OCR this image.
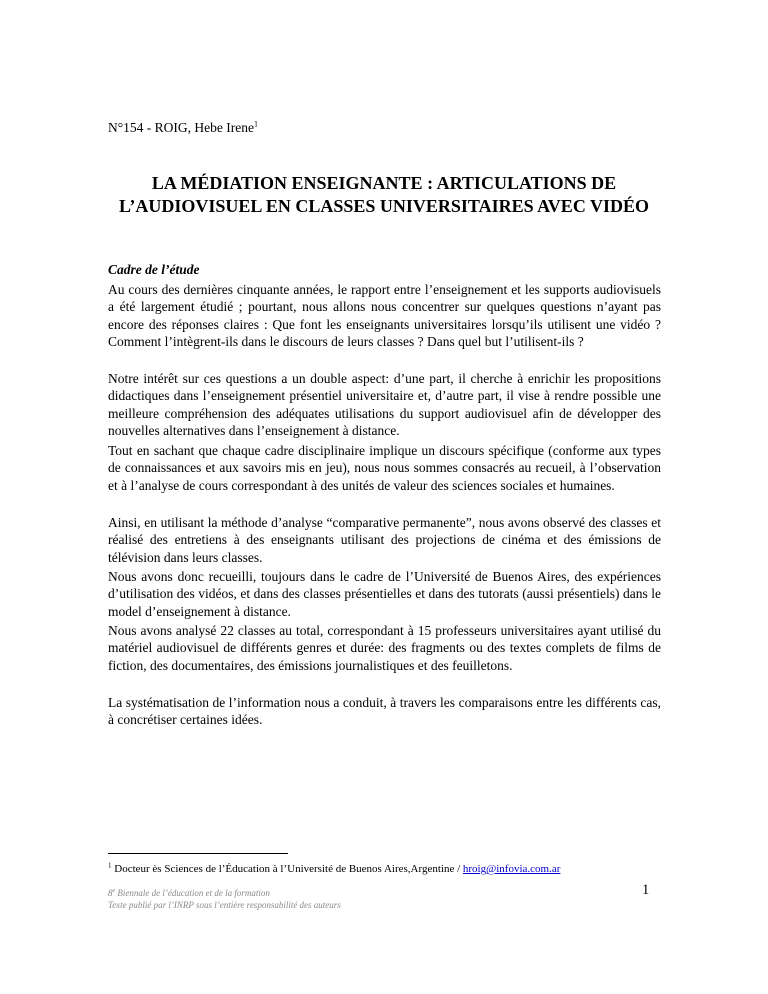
N°154 - ROIG, Hebe Irene$^1$
LA MÉDIATION ENSEIGNANTE : ARTICULATIONS DE
L’AUDIOVISUEL EN CLASSES UNIVERSITAIRES AVEC VIDÉO
Cadre de l’étude

Au cours des dernières cinquante années, le rapport entre l’enseignement et les supports audiovisuels a été largement étudié ; pourtant, nous allons nous concentrer sur quelques questions n’ayant pas encore des réponses claires : Que font les enseignants universitaires lorsqu’ils utilisent une vidéo ? Comment l’intègrent-ils dans le discours de leurs classes ? Dans quel but l’utilisent-ils ?

Notre intérêt sur ces questions a un double aspect: d’une part, il cherche à enrichir les propositions didactiques dans l’enseignement présentiel universitaire et, d’autre part, il vise à rendre possible une meilleure compréhension des adéquates utilisations du support audiovisuel afin de développer des nouvelles alternatives dans l’enseignement à distance.

Tout en sachant que chaque cadre disciplinaire implique un discours spécifique (conforme aux types de connaissances et aux savoirs mis en jeu), nous nous sommes consacrés au recueil, à l’observation et à l’analyse de cours correspondant à des unités de valeur des sciences sociales et humaines.

Ainsi, en utilisant la méthode d’analyse “comparative permanente”, nous avons observé des classes et réalisé des entretiens à des enseignants utilisant des projections de cinéma et des émissions de télévision dans leurs classes.

Nous avons donc recueilli, toujours dans le cadre de l’Université de Buenos Aires, des expériences d’utilisation des vidéos, et dans des classes présentielles et dans des tutorats (aussi présentiels) dans le model d’enseignement à distance.

Nous avons analysé 22 classes au total, correspondant à 15 professeurs universitaires ayant utilisé du matériel audiovisuel de différents genres et durée: des fragments ou des textes complets de films de fiction, des documentaires, des émissions journalistiques et des feuilletons.

La systématisation de l’information nous a conduit, à travers les comparaisons entre les différents cas, à concrétiser certaines idées.

$^1$ Docteur ès Sciences de l’Éducation à l’Université de Buenos Aires,Argentine / hroig@infovia.com.ar
8e Biennale de l’éducation et de la formation
Texte publié par l’INRP sous l’entière responsabilité des auteurs
1
